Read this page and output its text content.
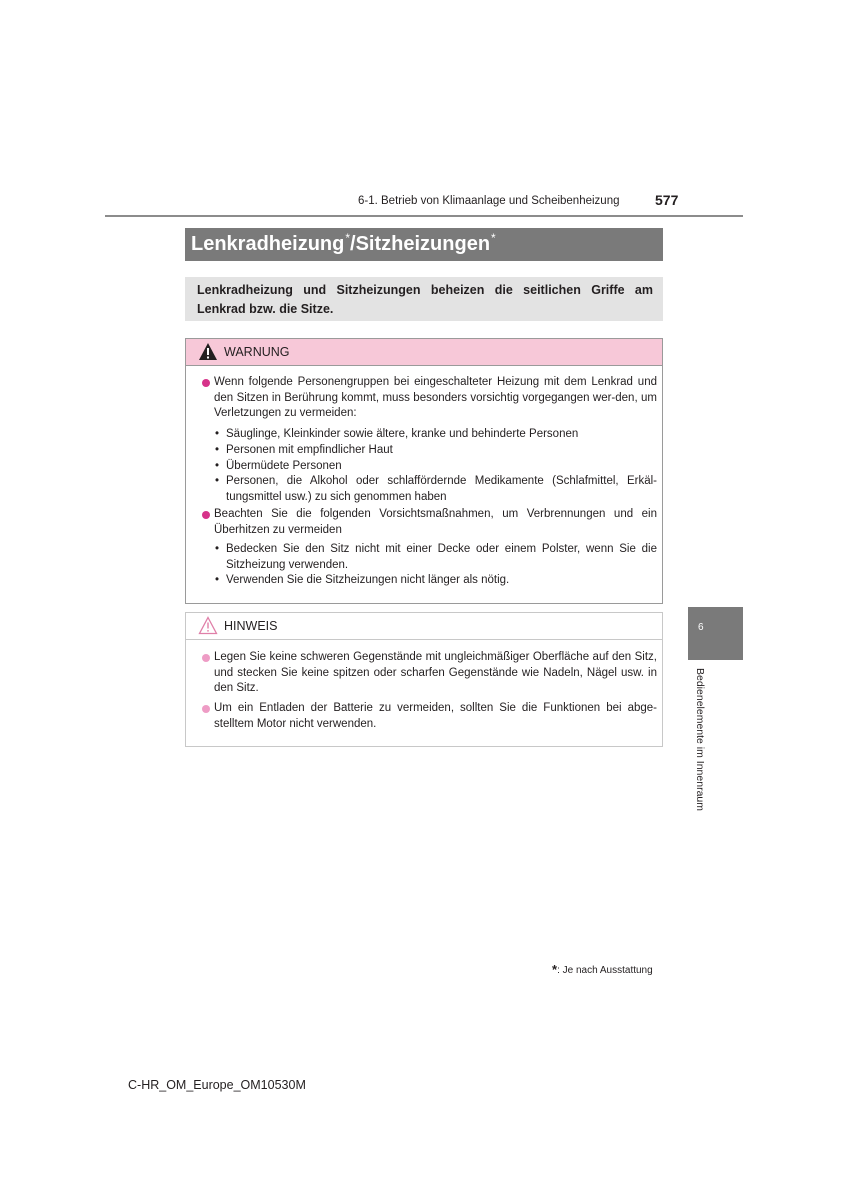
6-1. Betrieb von Klimaanlage und Scheibenheizung	577
Lenkradheizung*/Sitzheizungen*
Lenkradheizung und Sitzheizungen beheizen die seitlichen Griffe am Lenkrad bzw. die Sitze.
WARNUNG
Wenn folgende Personengruppen bei eingeschalteter Heizung mit dem Lenkrad und den Sitzen in Berührung kommt, muss besonders vorsichtig vorgegangen wer-den, um Verletzungen zu vermeiden:
• Säuglinge, Kleinkinder sowie ältere, kranke und behinderte Personen
• Personen mit empfindlicher Haut
• Übermüdete Personen
• Personen, die Alkohol oder schlaffördernde Medikamente (Schlafmittel, Erkäl-tungsmittel usw.) zu sich genommen haben
Beachten Sie die folgenden Vorsichtsmaßnahmen, um Verbrennungen und ein Überhitzen zu vermeiden
• Bedecken Sie den Sitz nicht mit einer Decke oder einem Polster, wenn Sie die Sitzheizung verwenden.
• Verwenden Sie die Sitzheizungen nicht länger als nötig.
HINWEIS
Legen Sie keine schweren Gegenstände mit ungleichmäßiger Oberfläche auf den Sitz, und stecken Sie keine spitzen oder scharfen Gegenstände wie Nadeln, Nägel usw. in den Sitz.
Um ein Entladen der Batterie zu vermeiden, sollten Sie die Funktionen bei abge-stelltem Motor nicht verwenden.
6
Bedienelemente im Innenraum
*: Je nach Ausstattung
C-HR_OM_Europe_OM10530M
